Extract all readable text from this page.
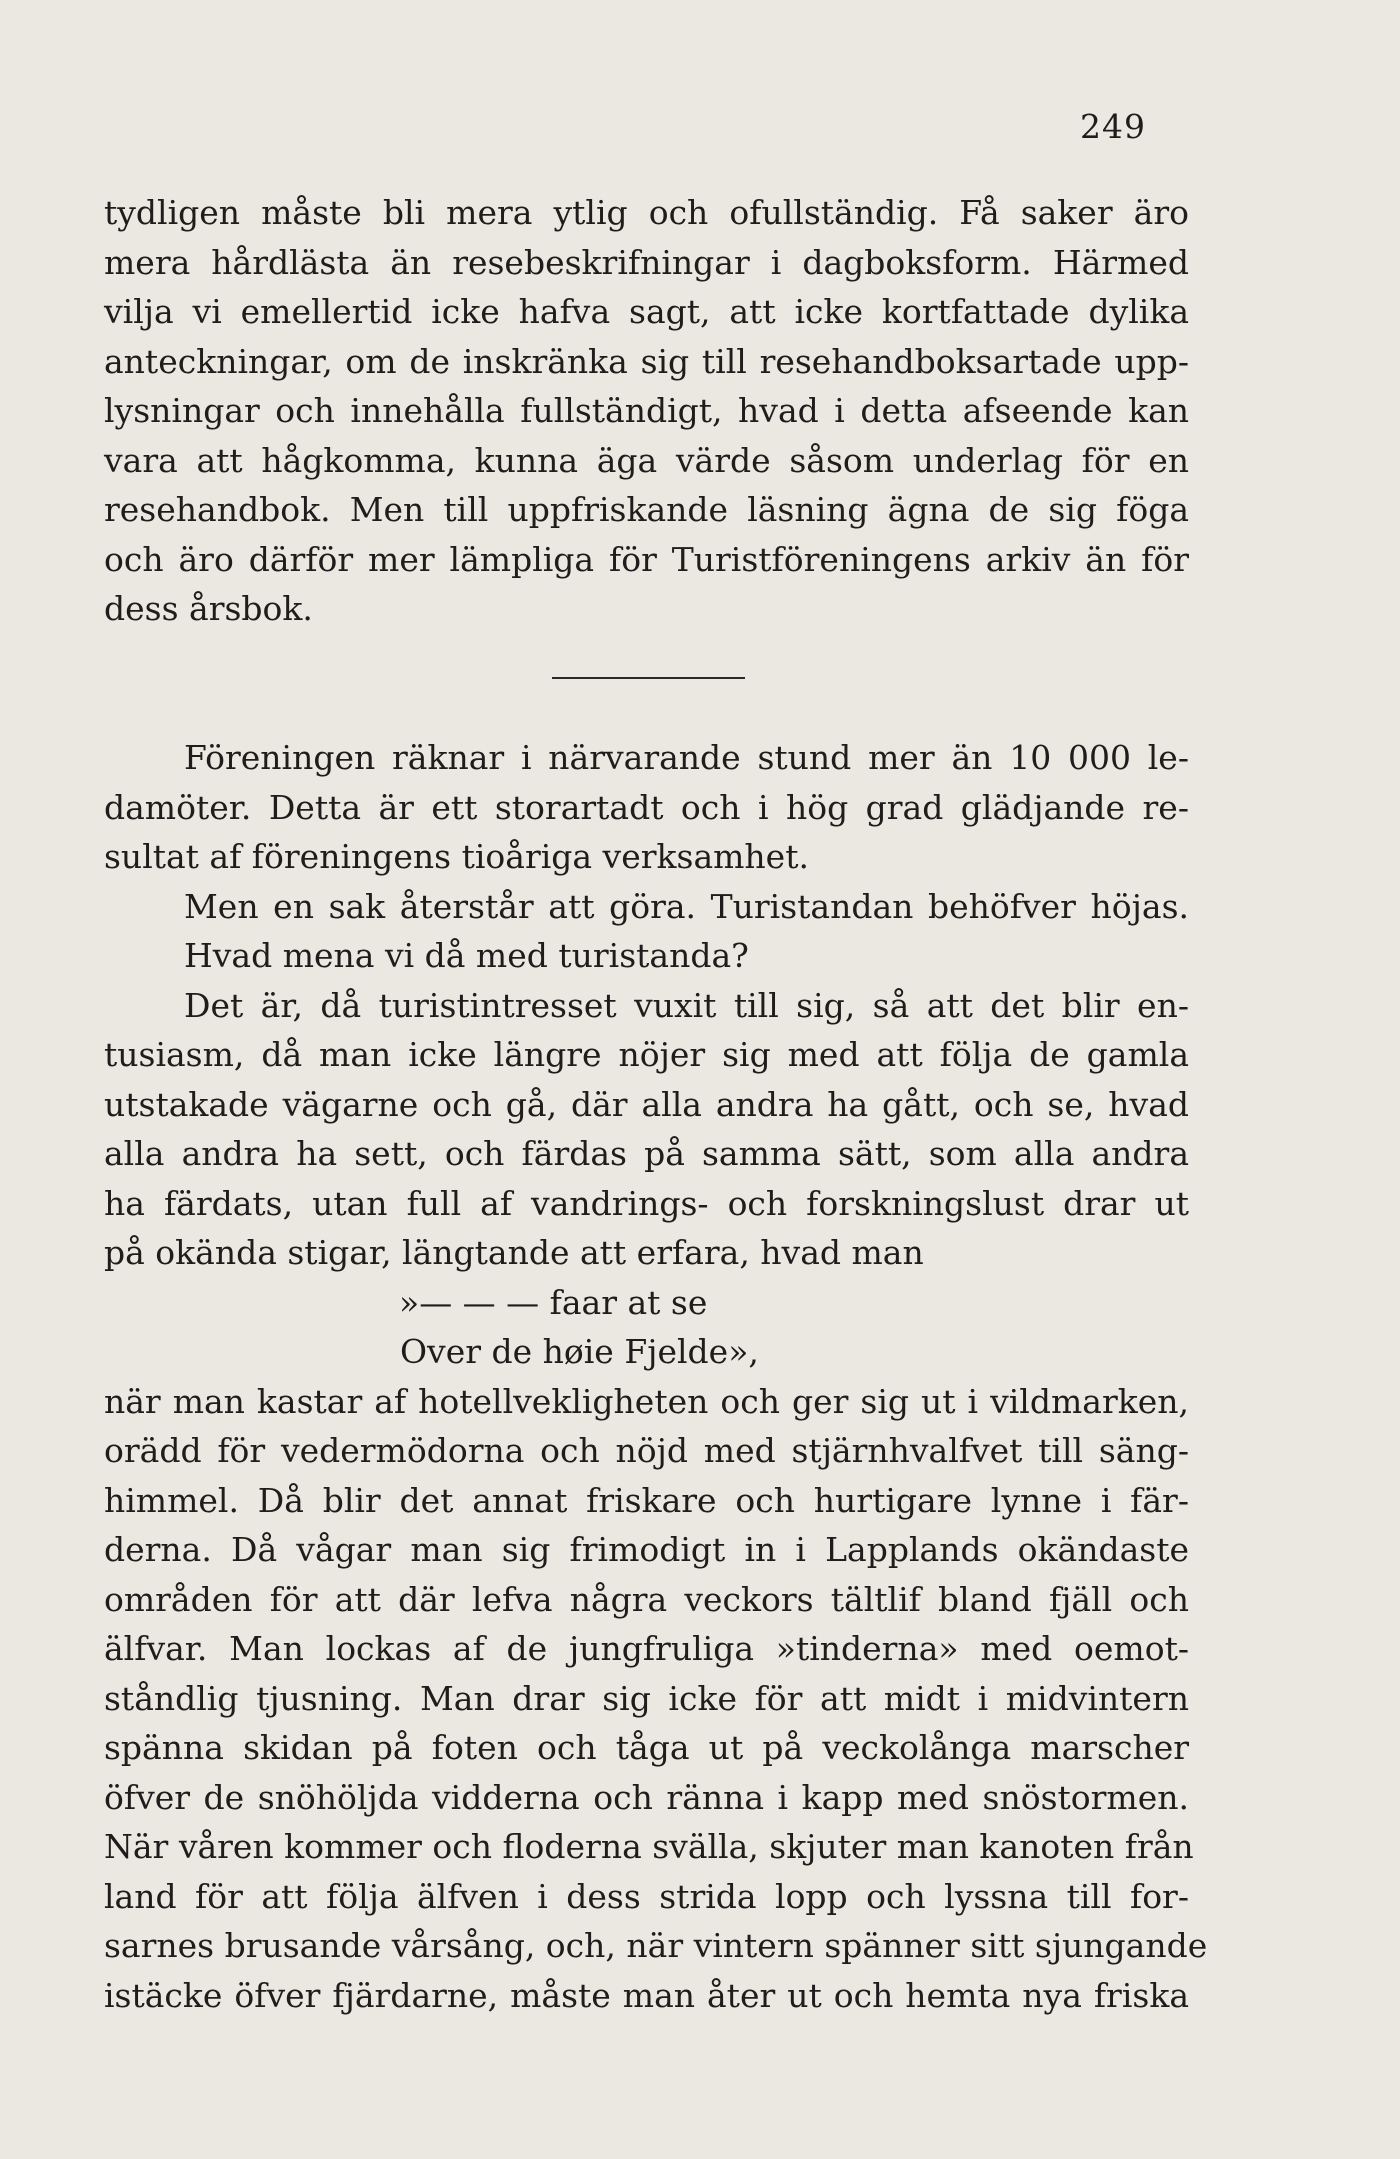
249
tydligen måste bli mera ytlig och ofullständig. Få saker äro
mera hårdlästa än resebeskrifningar i dagboksform. Härmed
vilja vi emellertid icke hafva sagt, att icke kortfattade dylika
anteckningar, om de inskränka sig till resehandboksartade upp-
lysningar och innehålla fullständigt, hvad i detta afseende kan
vara att hågkomma, kunna äga värde såsom underlag för en
resehandbok. Men till uppfriskande läsning ägna de sig föga
och äro därför mer lämpliga för Turistföreningens arkiv än för
dess årsbok.
Föreningen räknar i närvarande stund mer än 10 000 le-
damöter. Detta är ett storartadt och i hög grad glädjande re-
sultat af föreningens tioåriga verksamhet.
Men en sak återstår att göra. Turistandan behöfver höjas.
Hvad mena vi då med turistanda?
Det är, då turistintresset vuxit till sig, så att det blir en-
tusiasm, då man icke längre nöjer sig med att följa de gamla
utstakade vägarne och gå, där alla andra ha gått, och se, hvad
alla andra ha sett, och färdas på samma sätt, som alla andra
ha färdats, utan full af vandrings- och forskningslust drar ut
på okända stigar, längtande att erfara, hvad man
»— — — faar at se
Over de høie Fjelde»,
när man kastar af hotellvekligheten och ger sig ut i vildmarken,
orädd för vedermödorna och nöjd med stjärnhvalfvet till säng-
himmel. Då blir det annat friskare och hurtigare lynne i fär-
derna. Då vågar man sig frimodigt in i Lapplands okändaste
områden för att där lefva några veckors tältlif bland fjäll och
älfvar. Man lockas af de jungfruliga »tinderna» med oemot-
ståndlig tjusning. Man drar sig icke för att midt i midvintern
spänna skidan på foten och tåga ut på veckolånga marscher
öfver de snöhöljda vidderna och ränna i kapp med snöstormen.
När våren kommer och floderna svälla, skjuter man kanoten från
land för att följa älfven i dess strida lopp och lyssna till for-
sarnes brusande vårsång, och, när vintern spänner sitt sjungande
istäcke öfver fjärdarne, måste man åter ut och hemta nya friska
